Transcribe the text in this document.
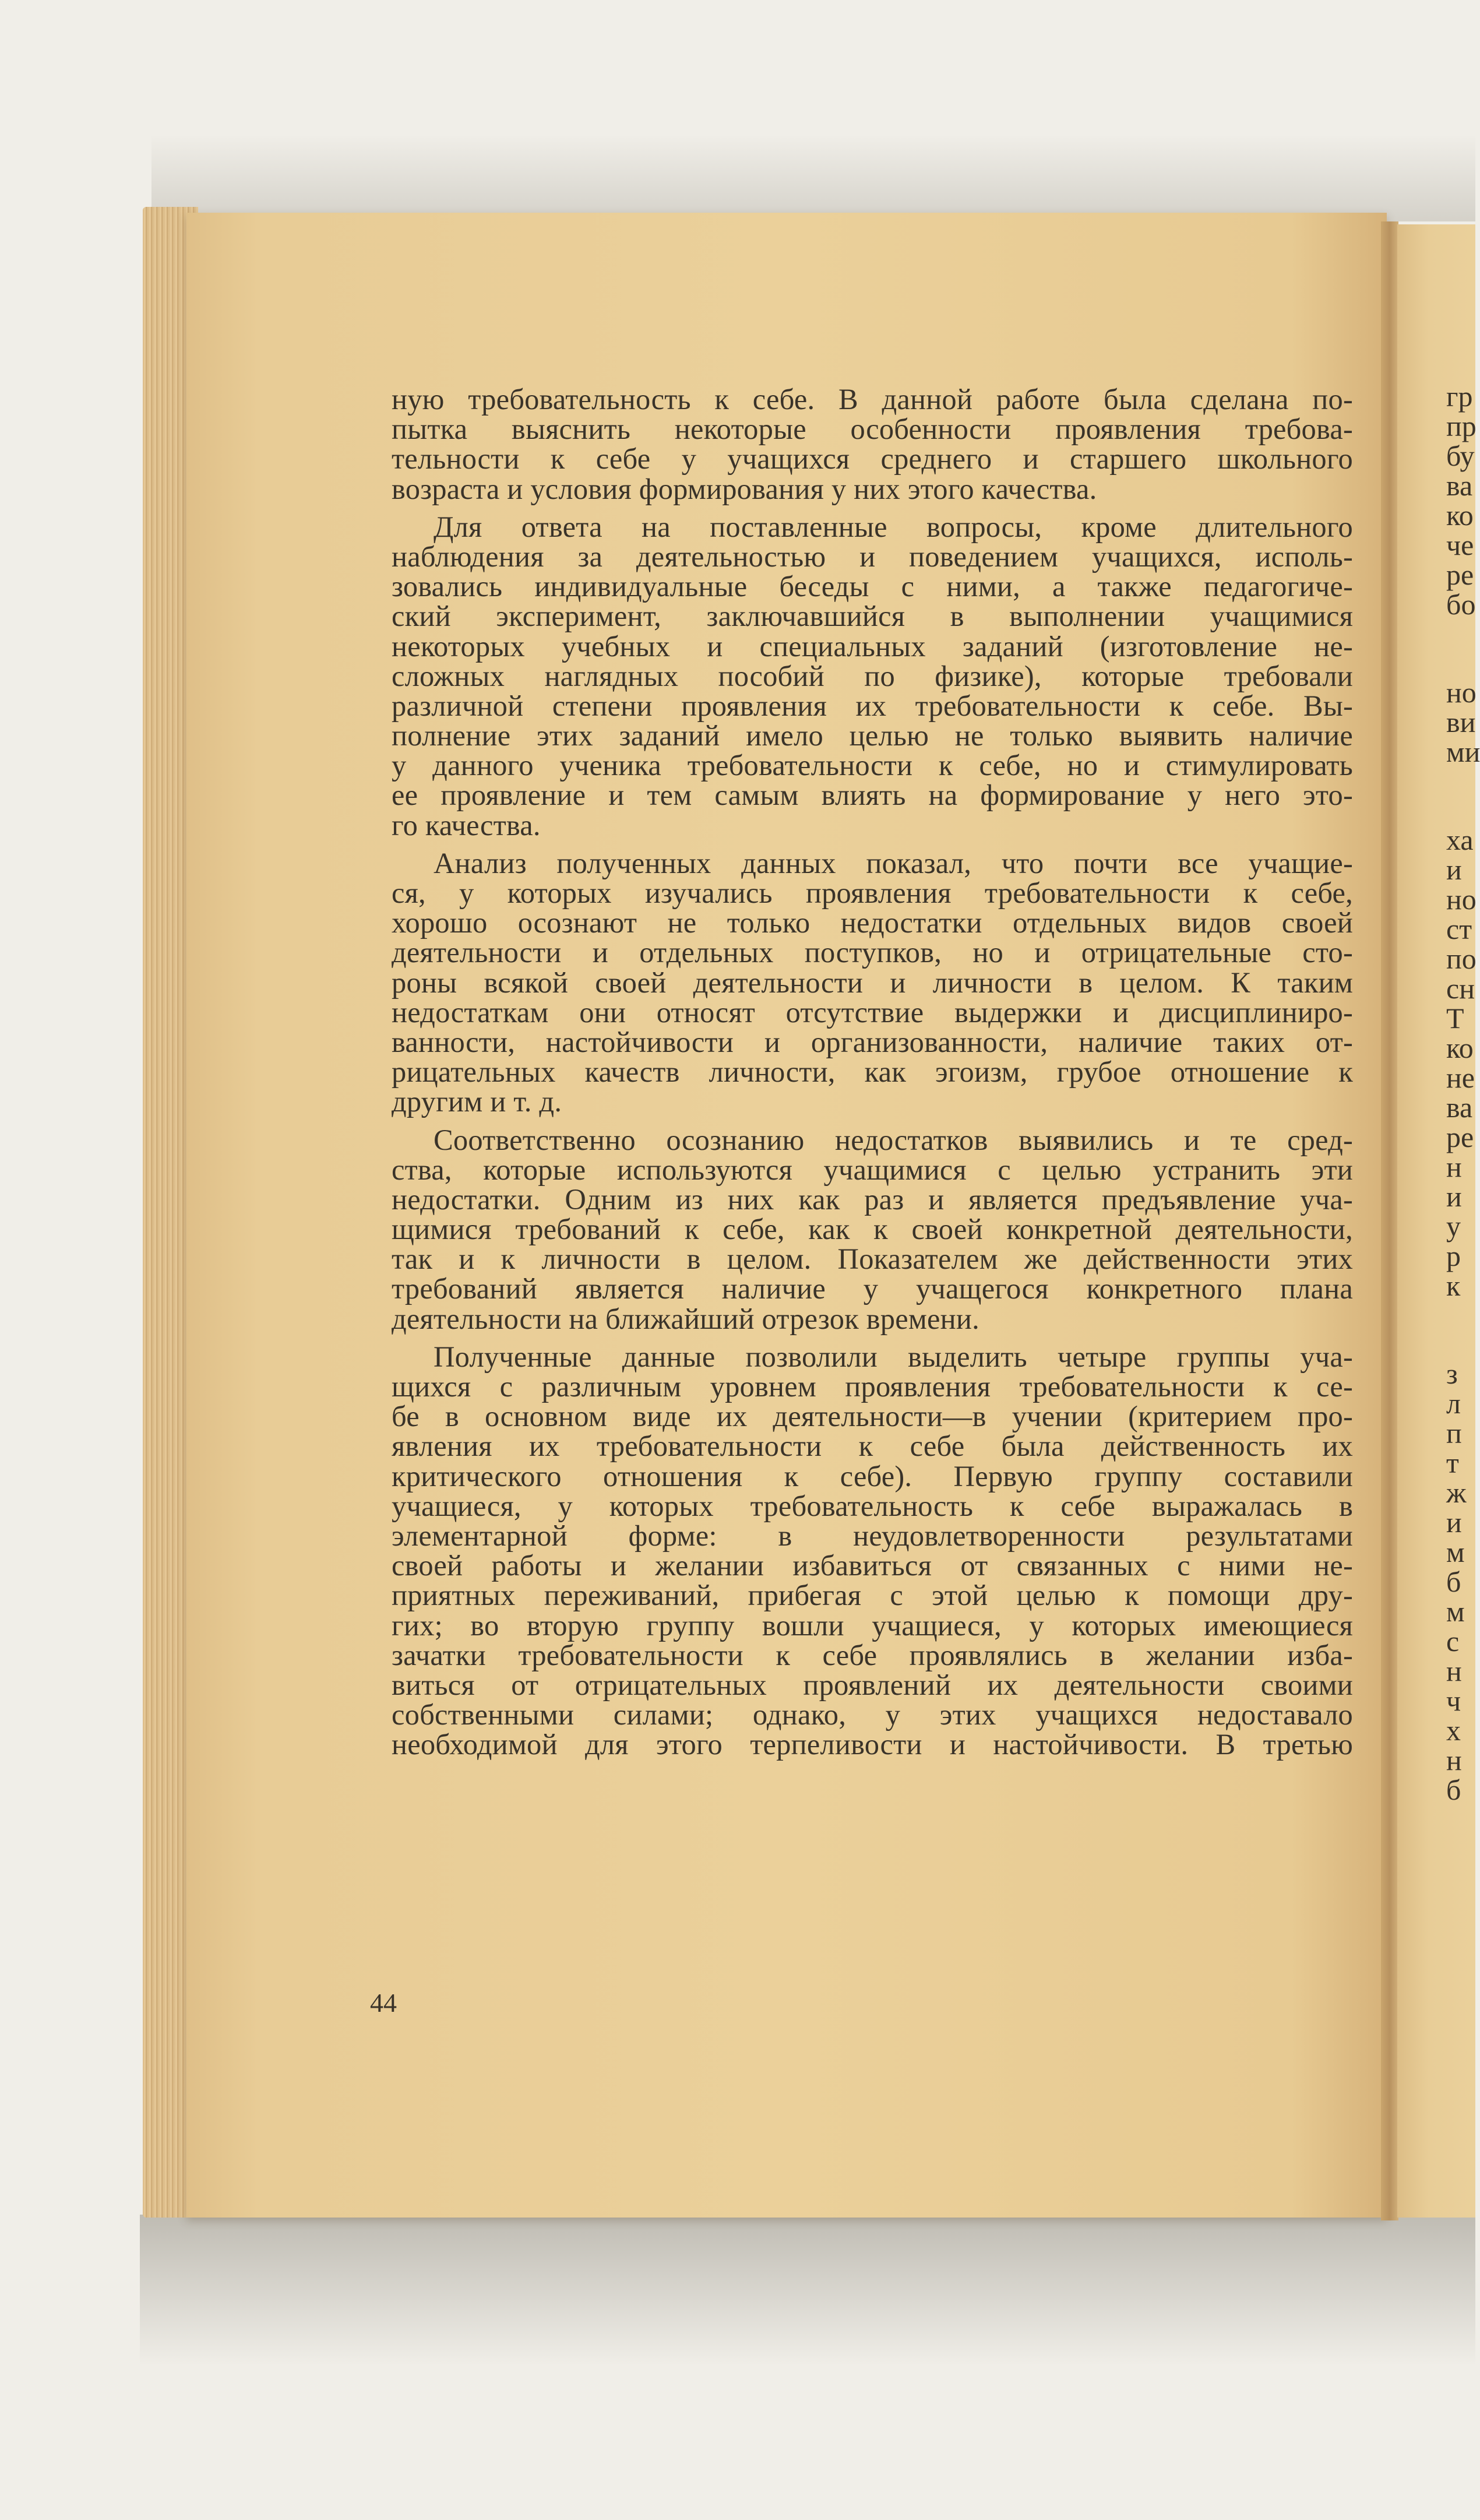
гр
пр
бу
ва
ко
че
ре
бо
но
ви
ми
ха
и
но
ст
по
сн
Т
ко
не
ва
ре
н
и
у
р
к
з
л
п
т
ж
и
м
б
м
с
н
ч
х
н
б
ную требовательность к себе. В данной работе была сделана по-
пытка выяснить некоторые особенности проявления требова-
тельности к себе у учащихся среднего и старшего школьного
возраста и условия формирования у них этого качества.
Для ответа на поставленные вопросы, кроме длительного
наблюдения за деятельностью и поведением учащихся, исполь-
зовались индивидуальные беседы с ними, а также педагогиче-
ский эксперимент, заключавшийся в выполнении учащимися
некоторых учебных и специальных заданий (изготовление не-
сложных наглядных пособий по физике), которые требовали
различной степени проявления их требовательности к себе. Вы-
полнение этих заданий имело целью не только выявить наличие
у данного ученика требовательности к себе, но и стимулировать
ее проявление и тем самым влиять на формирование у него это-
го качества.
Анализ полученных данных показал, что почти все учащие-
ся, у которых изучались проявления требовательности к себе,
хорошо осознают не только недостатки отдельных видов своей
деятельности и отдельных поступков, но и отрицательные сто-
роны всякой своей деятельности и личности в целом. К таким
недостаткам они относят отсутствие выдержки и дисциплиниро-
ванности, настойчивости и организованности, наличие таких от-
рицательных качеств личности, как эгоизм, грубое отношение к
другим и т. д.
Соответственно осознанию недостатков выявились и те сред-
ства, которые используются учащимися с целью устранить эти
недостатки. Одним из них как раз и является предъявление уча-
щимися требований к себе, как к своей конкретной деятельности,
так и к личности в целом. Показателем же действенности этих
требований является наличие у учащегося конкретного плана
деятельности на ближайший отрезок времени.
Полученные данные позволили выделить четыре группы уча-
щихся с различным уровнем проявления требовательности к се-
бе в основном виде их деятельности—в учении (критерием про-
явления их требовательности к себе была действенность их
критического отношения к себе). Первую группу составили
учащиеся, у которых требовательность к себе выражалась в
элементарной форме: в неудовлетворенности результатами
своей работы и желании избавиться от связанных с ними не-
приятных переживаний, прибегая с этой целью к помощи дру-
гих; во вторую группу вошли учащиеся, у которых имеющиеся
зачатки требовательности к себе проявлялись в желании изба-
виться от отрицательных проявлений их деятельности своими
собственными силами; однако, у этих учащихся недоставало
необходимой для этого терпеливости и настойчивости. В третью
44
